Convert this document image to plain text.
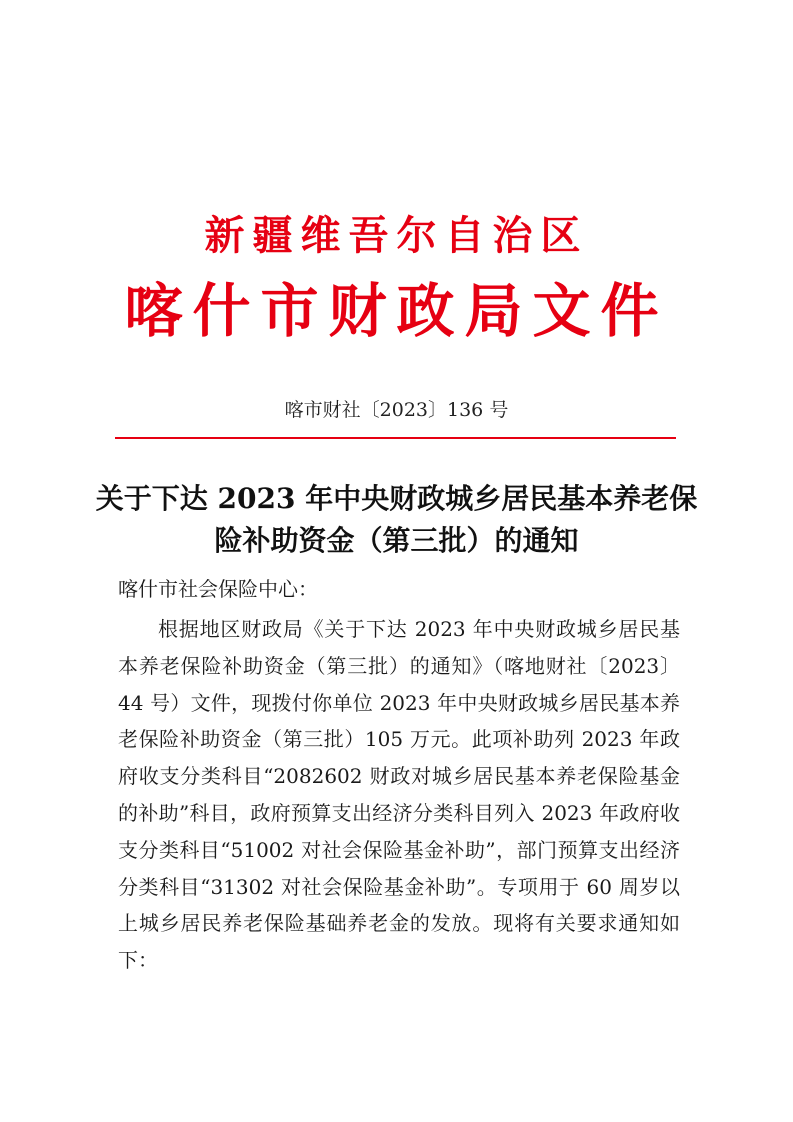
新疆维吾尔自治区
喀什市财政局文件
喀市财社〔2023〕136 号
关于下达 2023 年中央财政城乡居民基本养老保险补助资金（第三批）的通知
喀什市社会保险中心：
根据地区财政局《关于下达 2023 年中央财政城乡居民基本养老保险补助资金（第三批）的通知》（喀地财社〔2023〕44 号）文件，现拨付你单位 2023 年中央财政城乡居民基本养老保险补助资金（第三批）105 万元。此项补助列 2023 年政府收支分类科目“2082602 财政对城乡居民基本养老保险基金的补助”科目，政府预算支出经济分类科目列入 2023 年政府收支分类科目“51002 对社会保险基金补助”，部门预算支出经济分类科目“31302 对社会保险基金补助”。专项用于 60 周岁以上城乡居民养老保险基础养老金的发放。现将有关要求通知如下：
